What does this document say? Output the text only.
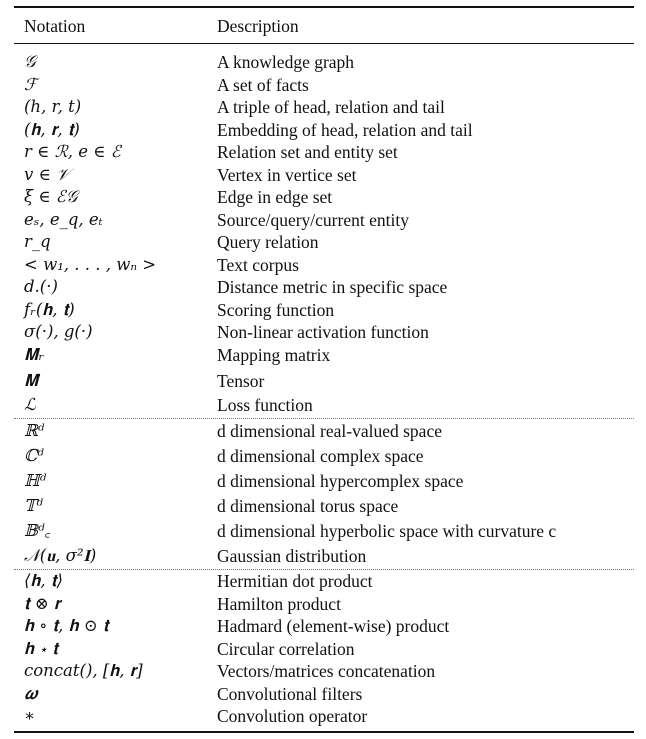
Notation	Description
𝒢	A knowledge graph
ℱ	A set of facts
(h, r, t)	A triple of head, relation and tail
(𝐡, 𝐫, 𝐭)	Embedding of head, relation and tail
r ∈ ℛ, e ∈ ℰ	Relation set and entity set
v ∈ 𝒱	Vertex in vertice set
ξ ∈ ℰ𝒢	Edge in edge set
eₛ, e_q, eₜ	Source/query/current entity
r_q	Query relation
< w₁, . . . , wₙ >	Text corpus
d.(·)	Distance metric in specific space
fᵣ(𝐡, 𝐭)	Scoring function
σ(·), g(·)	Non-linear activation function
𝐌ᵣ	Mapping matrix
𝐌̂	Tensor
ℒ	Loss function
ℝᵈ	d dimensional real-valued space
ℂᵈ	d dimensional complex space
ℍᵈ	d dimensional hypercomplex space
𝕋ᵈ	d dimensional torus space
𝔹ᵈ꜀	d dimensional hyperbolic space with curvature c
𝒩(𝐮, σ²𝐈)	Gaussian distribution
⟨𝐡, 𝐭⟩	Hermitian dot product
𝐭 ⊗ 𝐫	Hamilton product
𝐡 ∘ 𝐭, 𝐡 ⊙ 𝐭	Hadmard (element-wise) product
𝐡 ⋆ 𝐭	Circular correlation
concat(), [𝐡, 𝐫]	Vectors/matrices concatenation
𝝎	Convolutional filters
∗	Convolution operator
